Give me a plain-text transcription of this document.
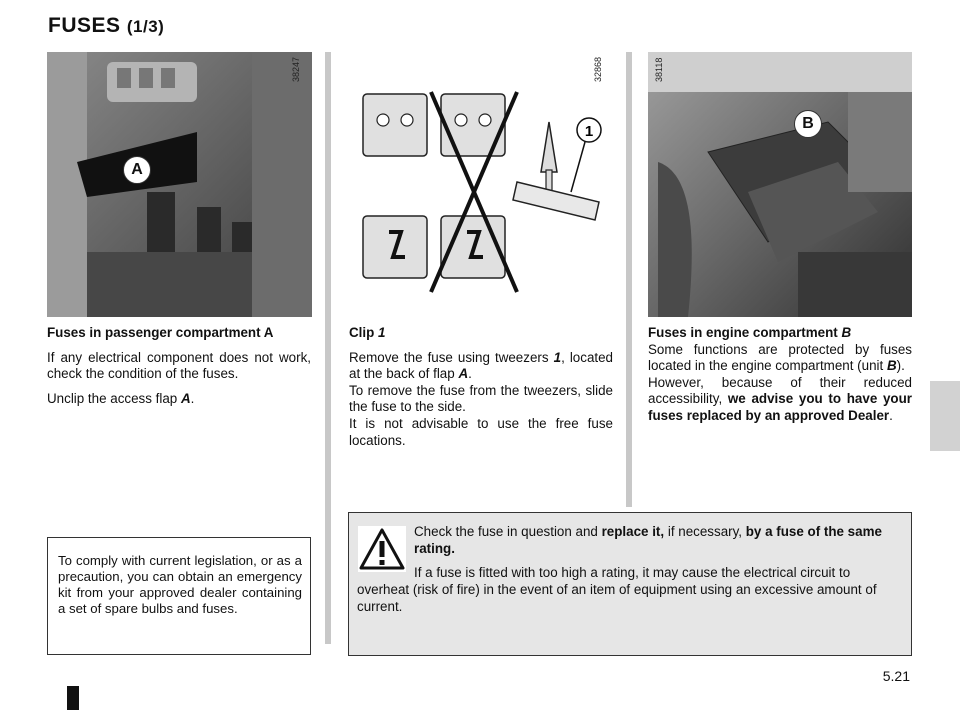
FUSES (1/3)
38247
A
1
32868	38118
B

Fuses in passenger compartment A

If any electrical component does not work, check the condition of the fuses.

Unclip the access flap A.

Clip 1

Remove the fuse using tweezers 1, located at the back of flap A.

To remove the fuse from the tweezers, slide the fuse to the side.

It is not advisable to use the free fuse locations.

Fuses in engine compartment B

Some functions are protected by fuses located in the engine compartment (unit B).

However, because of their reduced accessibility, we advise you to have your fuses replaced by an approved Dealer.

To comply with current legislation, or as a precaution, you can obtain an emergency kit from your approved dealer containing a set of spare bulbs and fuses.
Check the fuse in question and replace it, if necessary, by a fuse of the same rating.
If a fuse is fitted with too high a rating, it may cause the electrical circuit to overheat (risk of fire) in the event of an item of equipment using an excessive amount of current.
5.21
